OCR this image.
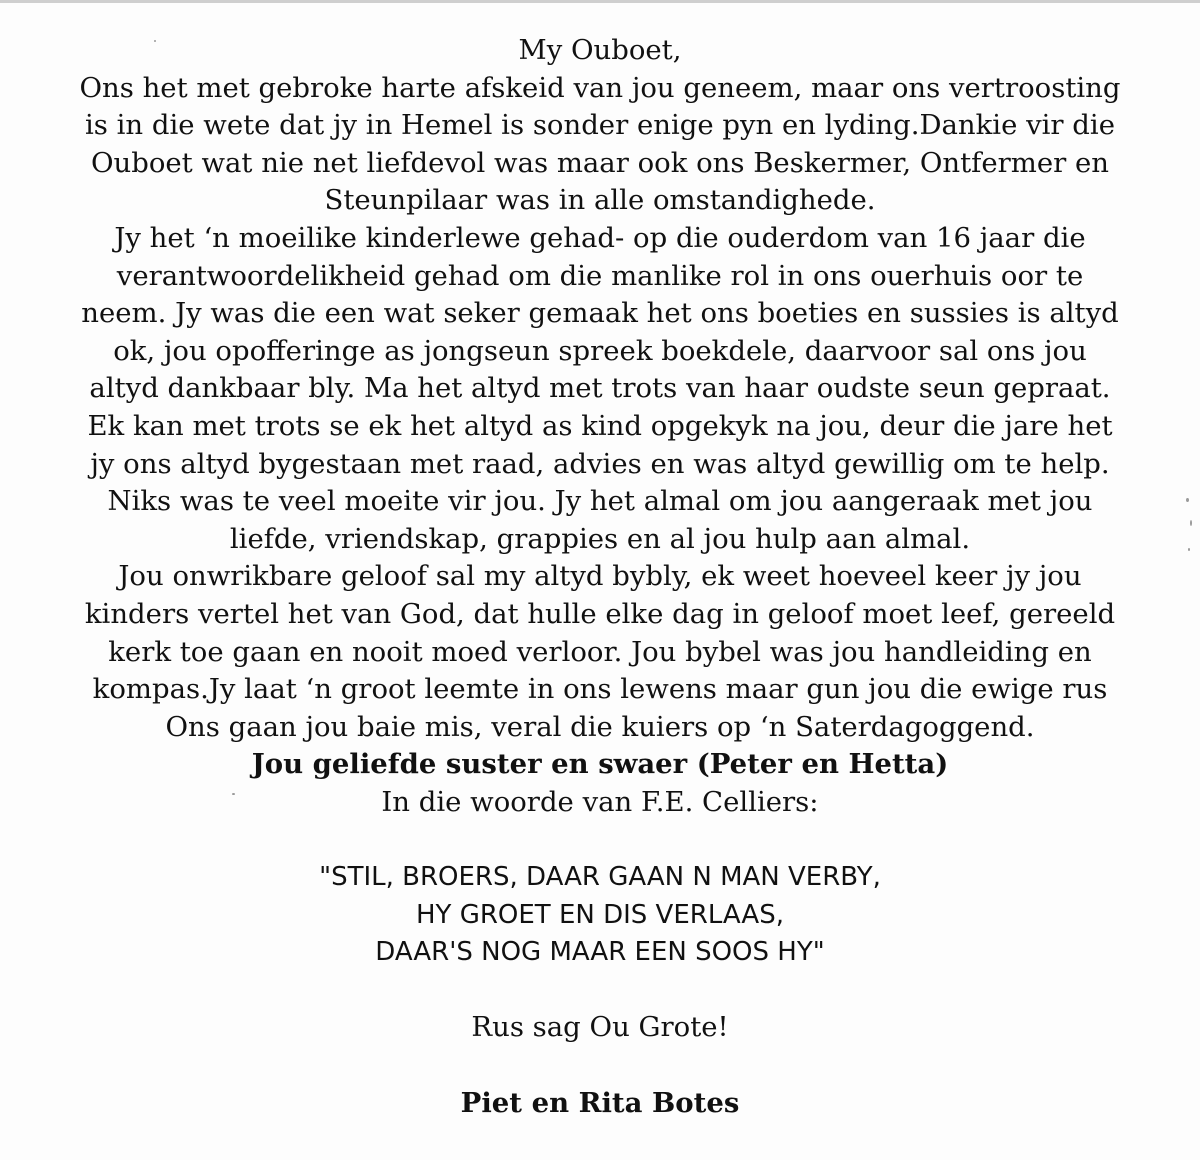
My Ouboet,
Ons het met gebroke harte afskeid van jou geneem, maar ons vertroosting
is in die wete dat jy in Hemel is sonder enige pyn en lyding.Dankie vir die
Ouboet wat nie net liefdevol was maar ook ons Beskermer, Ontfermer en
Steunpilaar was in alle omstandighede.
Jy het ‘n moeilike kinderlewe gehad- op die ouderdom van 16 jaar die
verantwoordelikheid gehad om die manlike rol in ons ouerhuis oor te
neem. Jy was die een wat seker gemaak het ons boeties en sussies is altyd
ok, jou opofferinge as jongseun spreek boekdele, daarvoor sal ons jou
altyd dankbaar bly. Ma het altyd met trots van haar oudste seun gepraat.
Ek kan met trots se ek het altyd as kind opgekyk na jou, deur die jare het
jy ons altyd bygestaan met raad, advies en was altyd gewillig om te help.
Niks was te veel moeite vir jou. Jy het almal om jou aangeraak met jou
liefde, vriendskap, grappies en al jou hulp aan almal.
Jou onwrikbare geloof sal my altyd bybly, ek weet hoeveel keer jy jou
kinders vertel het van God, dat hulle elke dag in geloof moet leef, gereeld
kerk toe gaan en nooit moed verloor. Jou bybel was jou handleiding en
kompas.Jy laat ‘n groot leemte in ons lewens maar gun jou die ewige rus
Ons gaan jou baie mis, veral die kuiers op ‘n Saterdagoggend.
Jou geliefde suster en swaer (Peter en Hetta)
In die woorde van F.E. Celliers:
"STIL, BROERS, DAAR GAAN N MAN VERBY,
HY GROET EN DIS VERLAAS,
DAAR'S NOG MAAR EEN SOOS HY"
Rus sag Ou Grote!
Piet en Rita Botes
